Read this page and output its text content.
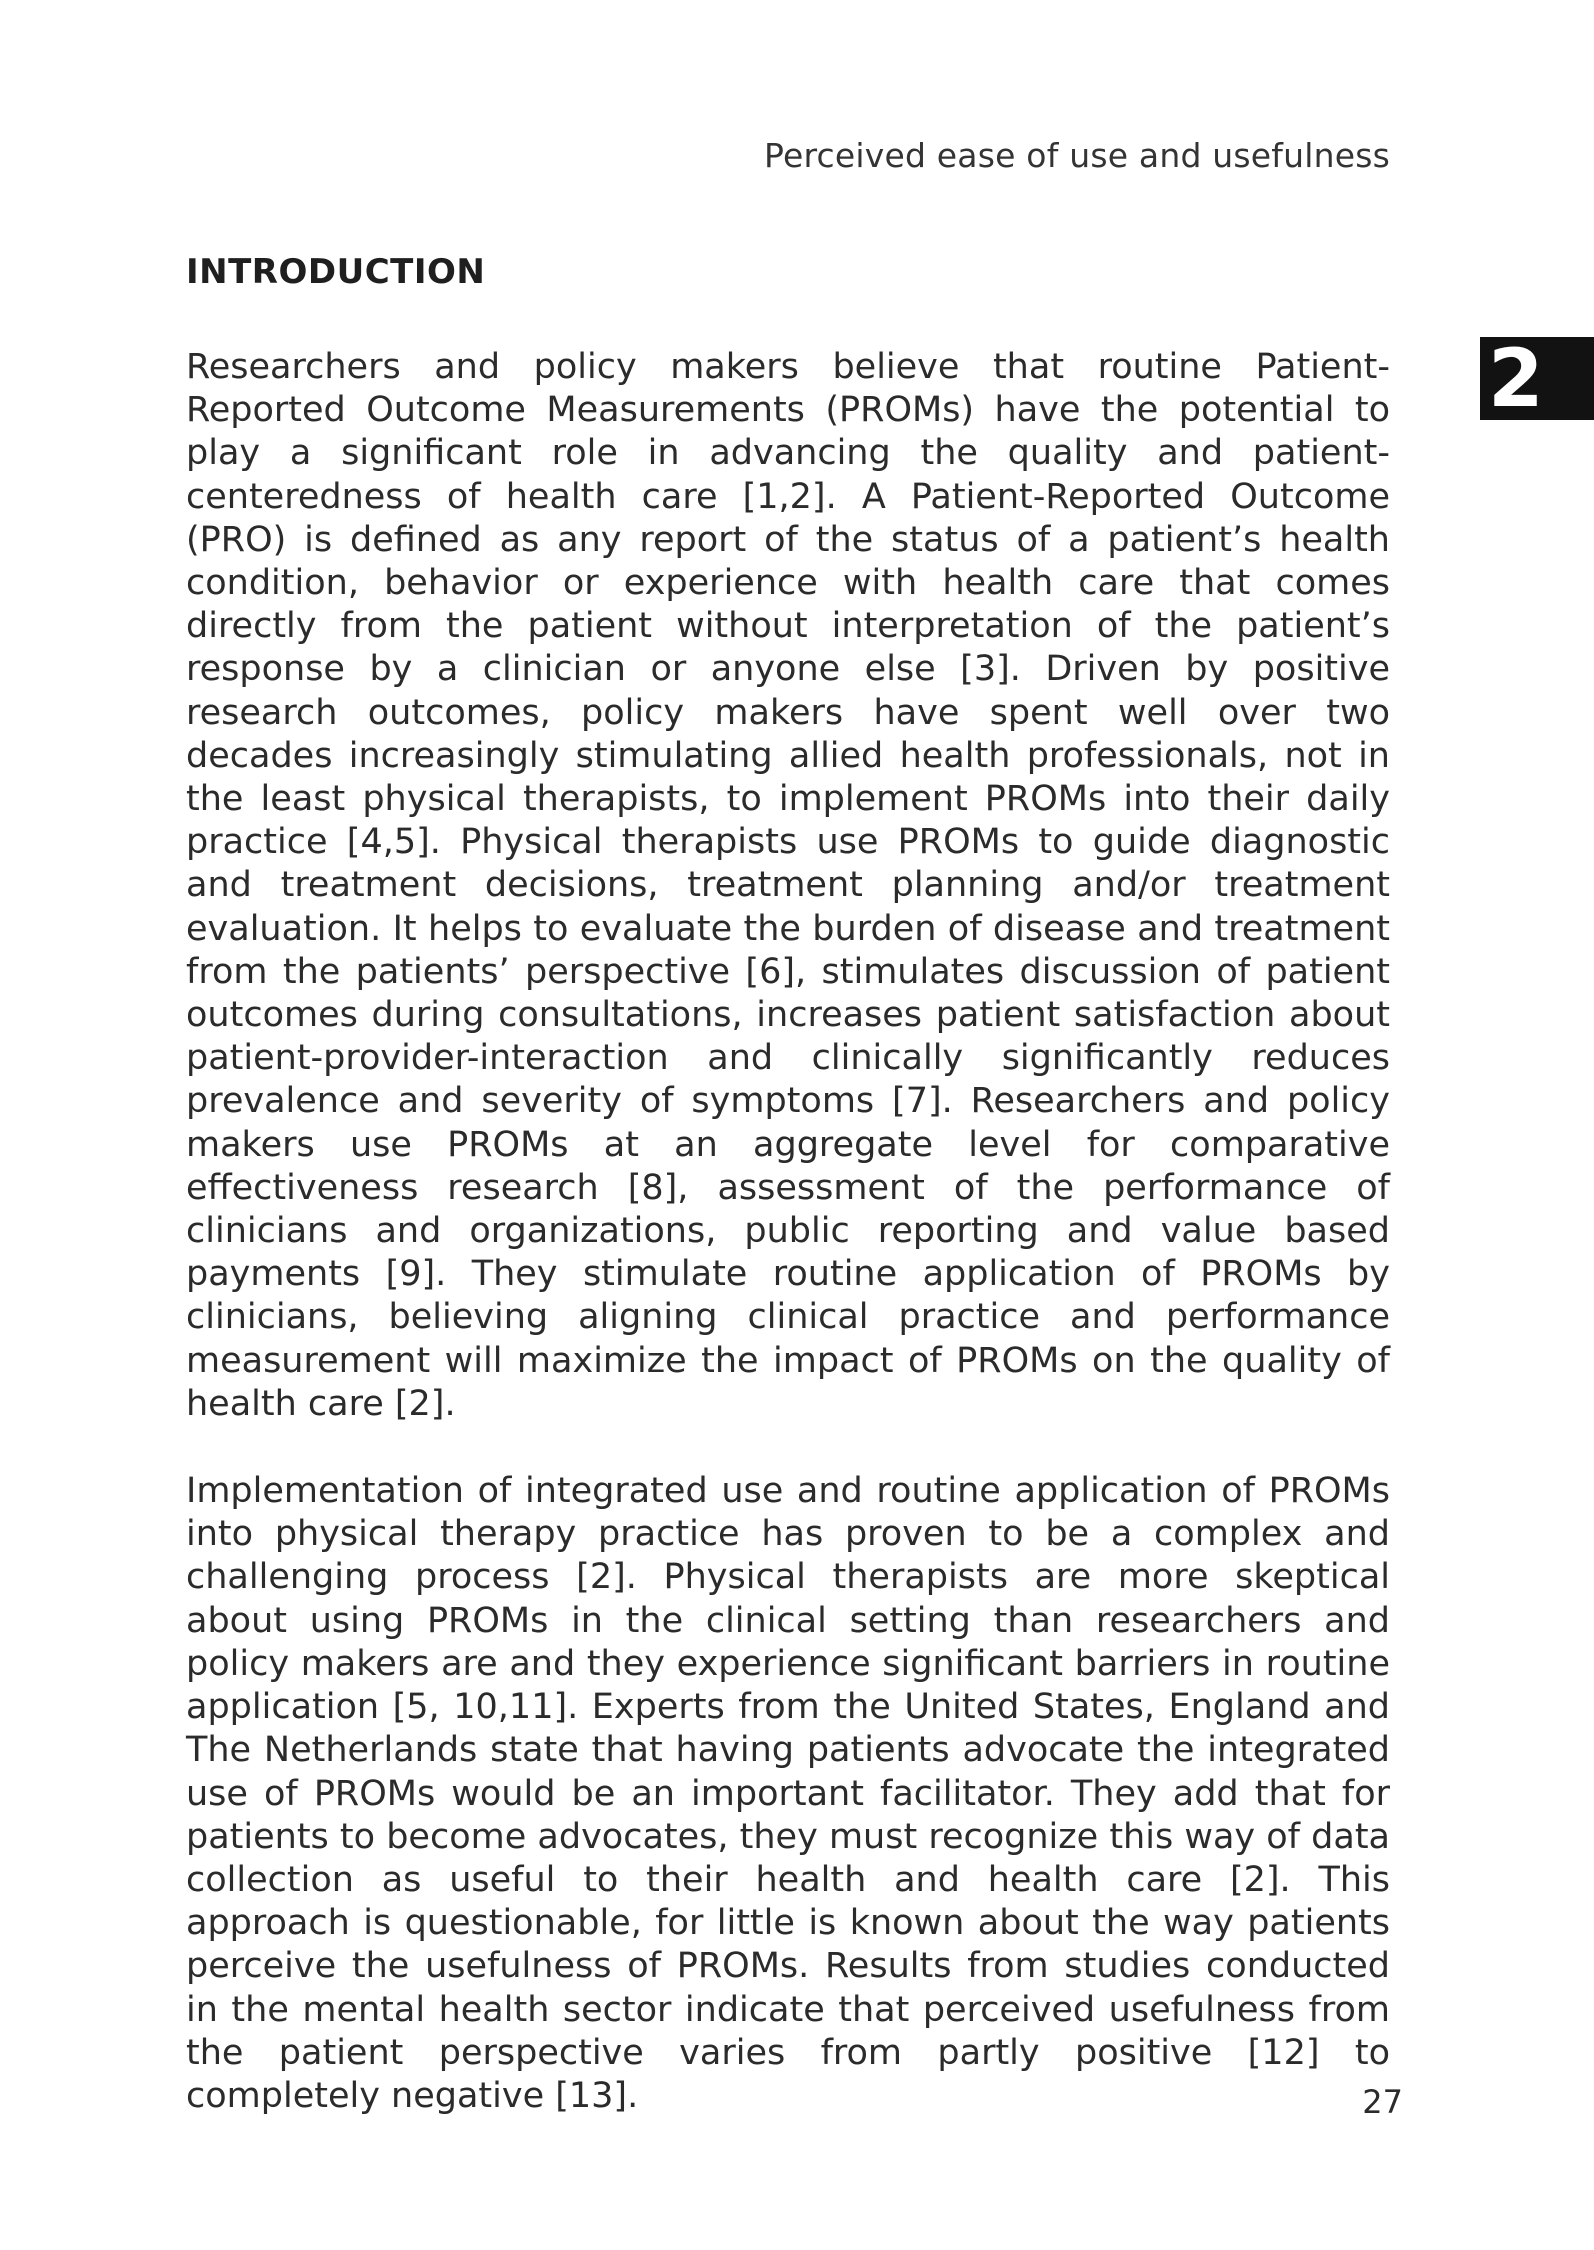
Perceived ease of use and usefulness
2
INTRODUCTION

Researchers and policy makers believe that routine Patient-Reported Outcome Measurements (PROMs) have the potential to play a significant role in advancing the quality and patient-centeredness of health care [1,2]. A Patient-Reported Outcome (PRO) is defined as any report of the status of a patient’s health condition, behavior or experience with health care that comes directly from the patient without interpretation of the patient’s response by a clinician or anyone else [3]. Driven by positive research outcomes, policy makers have spent well over two decades increasingly stimulating allied health professionals, not in the least physical therapists, to implement PROMs into their daily practice [4,5]. Physical therapists use PROMs to guide diagnostic and treatment decisions, treatment planning and/or treatment evaluation. It helps to evaluate the burden of disease and treatment from the patients’ perspective [6], stimulates discussion of patient outcomes during consultations, increases patient satisfaction about patient-provider-interaction and clinically significantly reduces prevalence and severity of symptoms [7]. Researchers and policy makers use PROMs at an aggregate level for comparative effectiveness research [8], assessment of the performance of clinicians and organizations, public reporting and value based payments [9]. They stimulate routine application of PROMs by clinicians, believing aligning clinical practice and performance measurement will maximize the impact of PROMs on the quality of health care [2].

Implementation of integrated use and routine application of PROMs into physical therapy practice has proven to be a complex and challenging process [2]. Physical therapists are more skeptical about using PROMs in the clinical setting than researchers and policy makers are and they experience significant barriers in routine application [5, 10,11]. Experts from the United States, England and The Netherlands state that having patients advocate the integrated use of PROMs would be an important facilitator. They add that for patients to become advocates, they must recognize this way of data collection as useful to their health and health care [2]. This approach is questionable, for little is known about the way patients perceive the usefulness of PROMs. Results from studies conducted in the mental health sector indicate that perceived usefulness from the patient perspective varies from partly positive [12] to completely negative [13].	27
